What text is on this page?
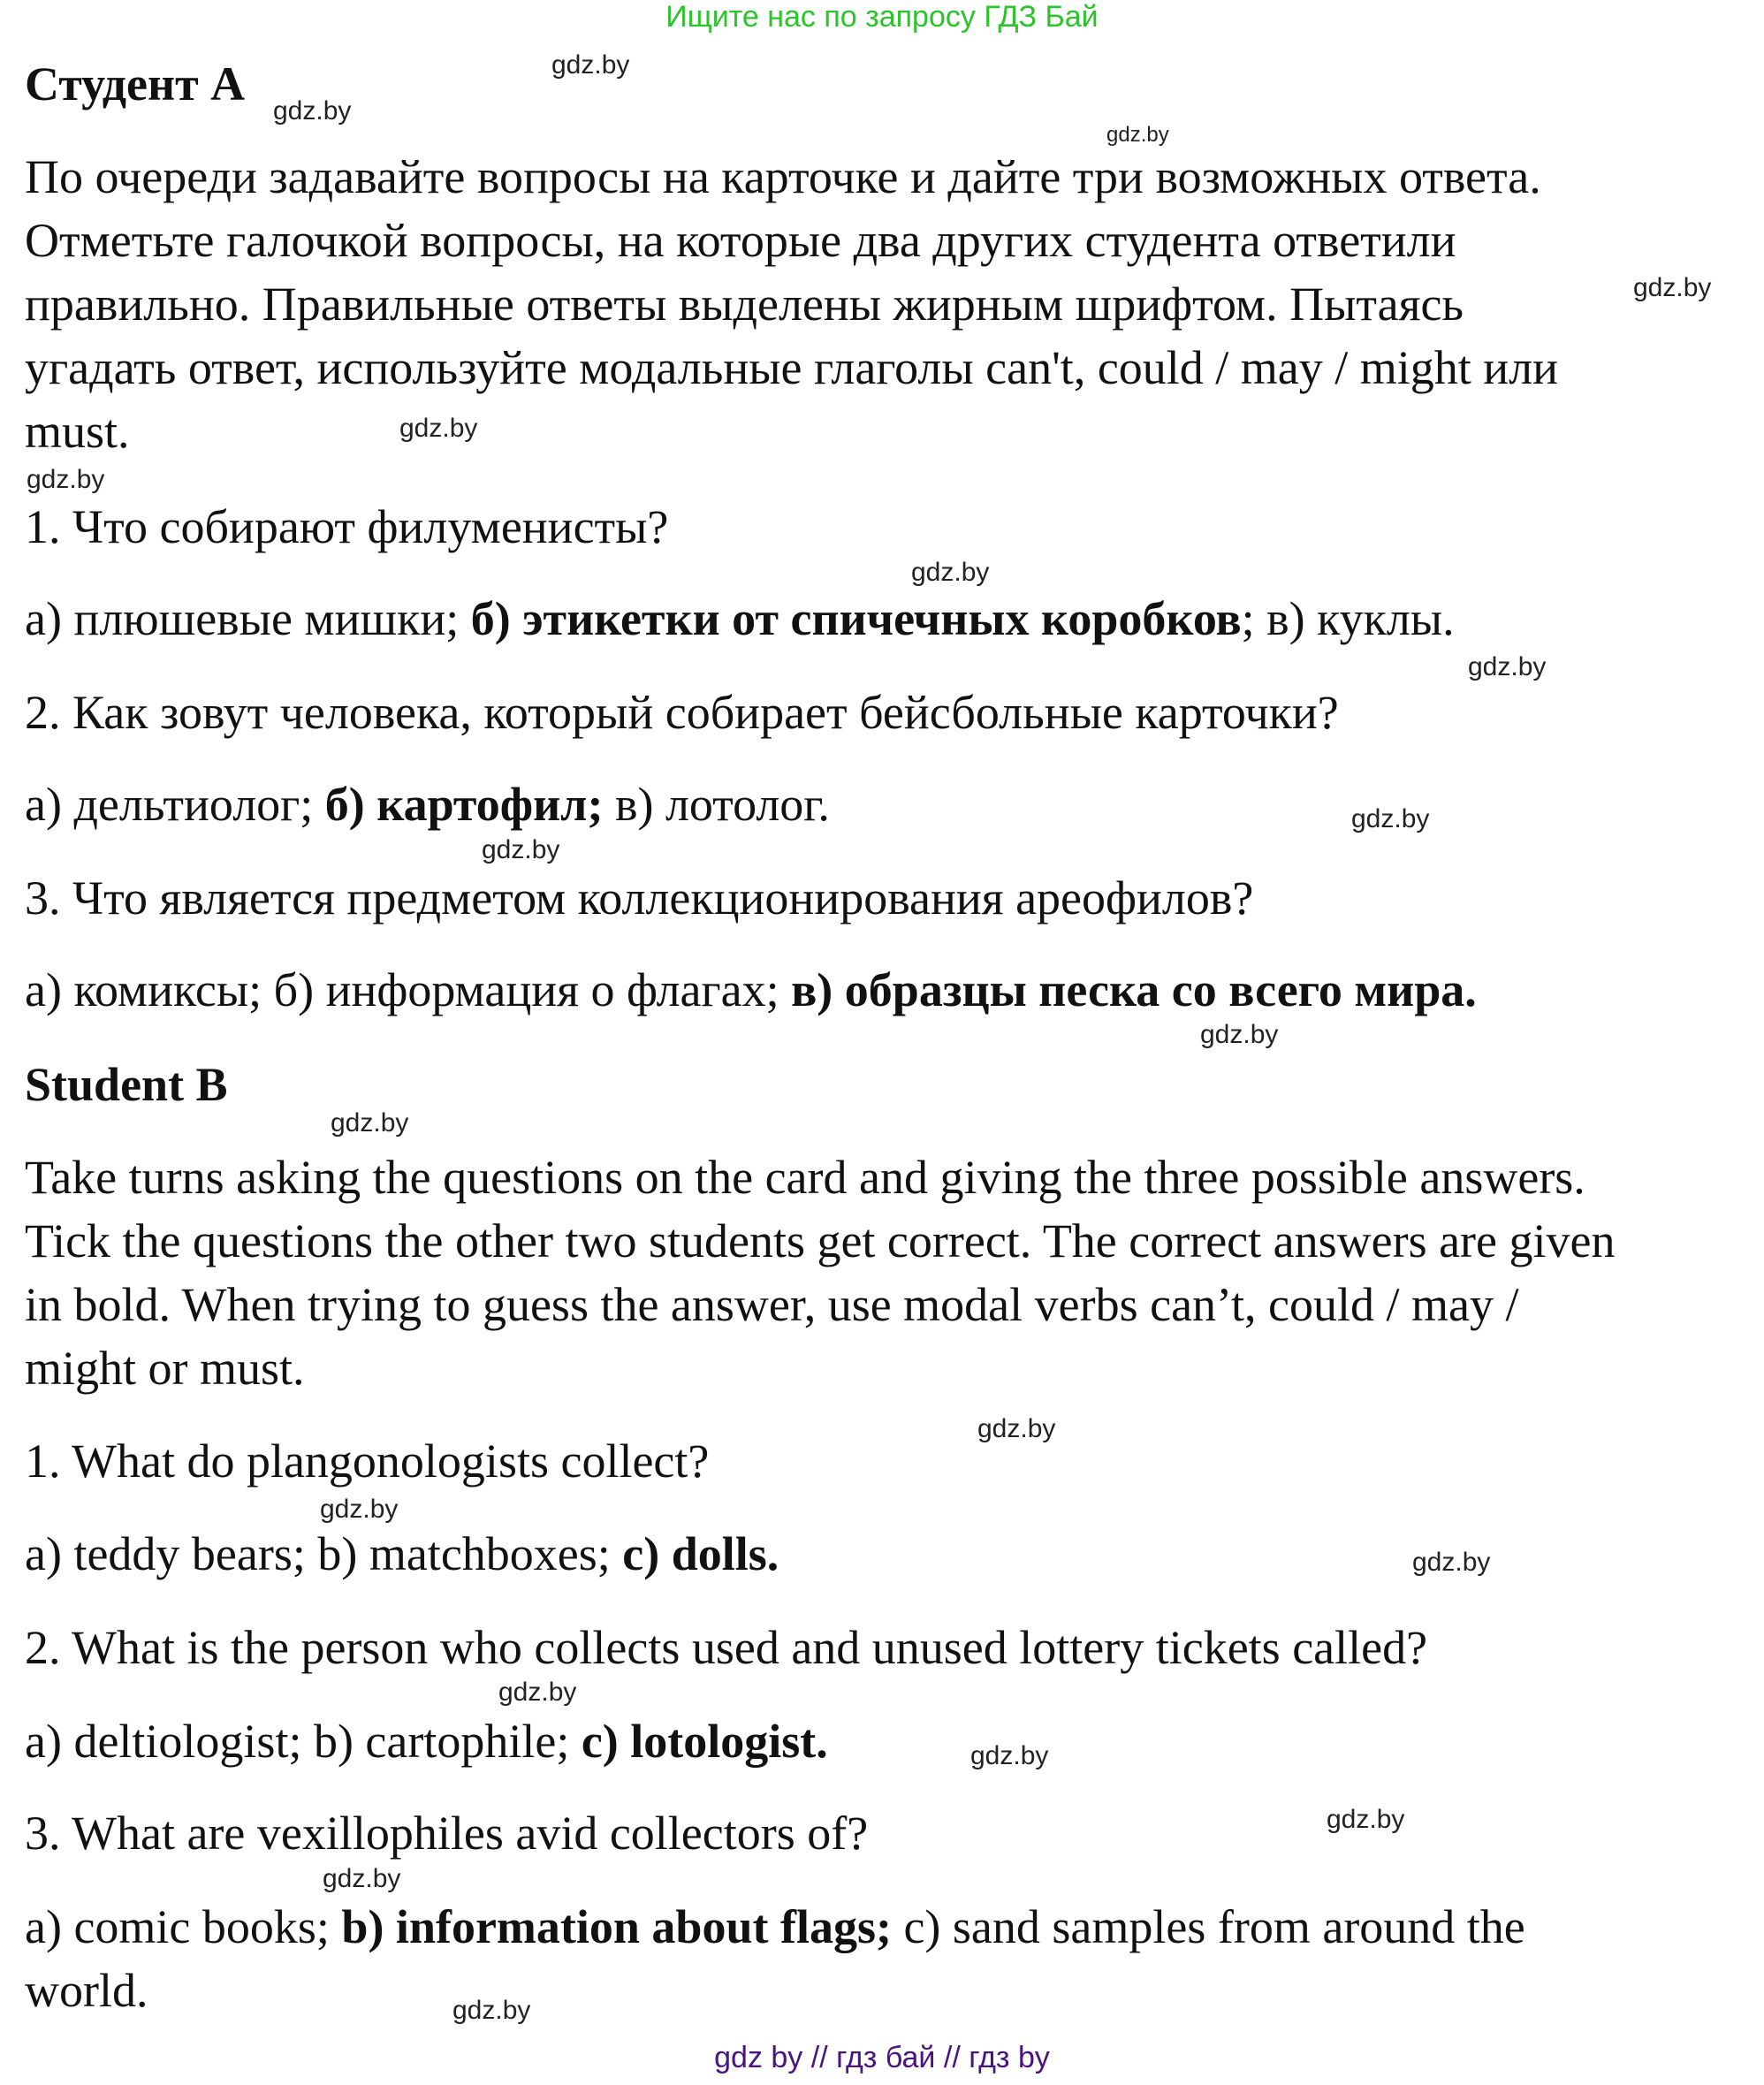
Ищите нас по запросу ГДЗ Бай
Студент А
По очереди задавайте вопросы на карточке и дайте три возможных ответа.
Отметьте галочкой вопросы, на которые два других студента ответили
правильно. Правильные ответы выделены жирным шрифтом. Пытаясь
угадать ответ, используйте модальные глаголы can't, could / may / might или
must.
1. Что собирают филуменисты?
а) плюшевые мишки; б) этикетки от спичечных коробков; в) куклы.
2. Как зовут человека, который собирает бейсбольные карточки?
а) дельтиолог; б) картофил; в) лотолог.
3. Что является предметом коллекционирования ареофилов?
а) комиксы; б) информация о флагах; в) образцы песка со всего мира.
Student B
Take turns asking the questions on the card and giving the three possible answers.
Tick the questions the other two students get correct. The correct answers are given
in bold. When trying to guess the answer, use modal verbs can’t, could / may /
might or must.
1. What do plangonologists collect?
a) teddy bears; b) matchboxes; c) dolls.
2. What is the person who collects used and unused lottery tickets called?
a) deltiologist; b) cartophile; c) lotologist.
3. What are vexillophiles avid collectors of?
a) comic books; b) information about flags; c) sand samples from around the
world.
gdz.by
gdz.by
gdz.by
gdz.by
gdz.by
gdz.by
gdz.by
gdz.by
gdz.by
gdz.by
gdz.by
gdz.by
gdz.by
gdz.by
gdz.by
gdz.by
gdz.by
gdz.by
gdz.by
gdz.by
gdz by // гдз бай // гдз by
